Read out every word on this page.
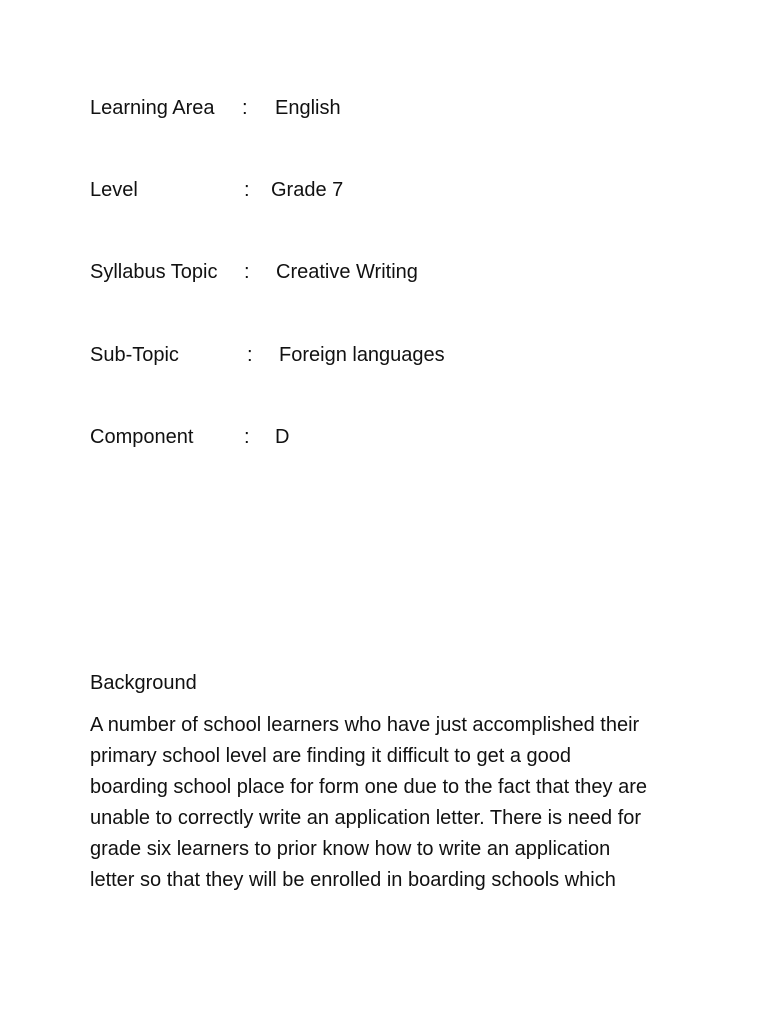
Learning Area : English
Level	: Grade 7
Syllabus Topic : Creative Writing
Sub-Topic	: Foreign languages
Component	: D
Background
A number of school learners who have just accomplished their
primary school level are finding it difficult to get a good
boarding school place for form one due to the fact that they are
unable to correctly write an application letter. There is need for
grade six learners to prior know how to write an application
letter so that they will be enrolled in boarding schools which
